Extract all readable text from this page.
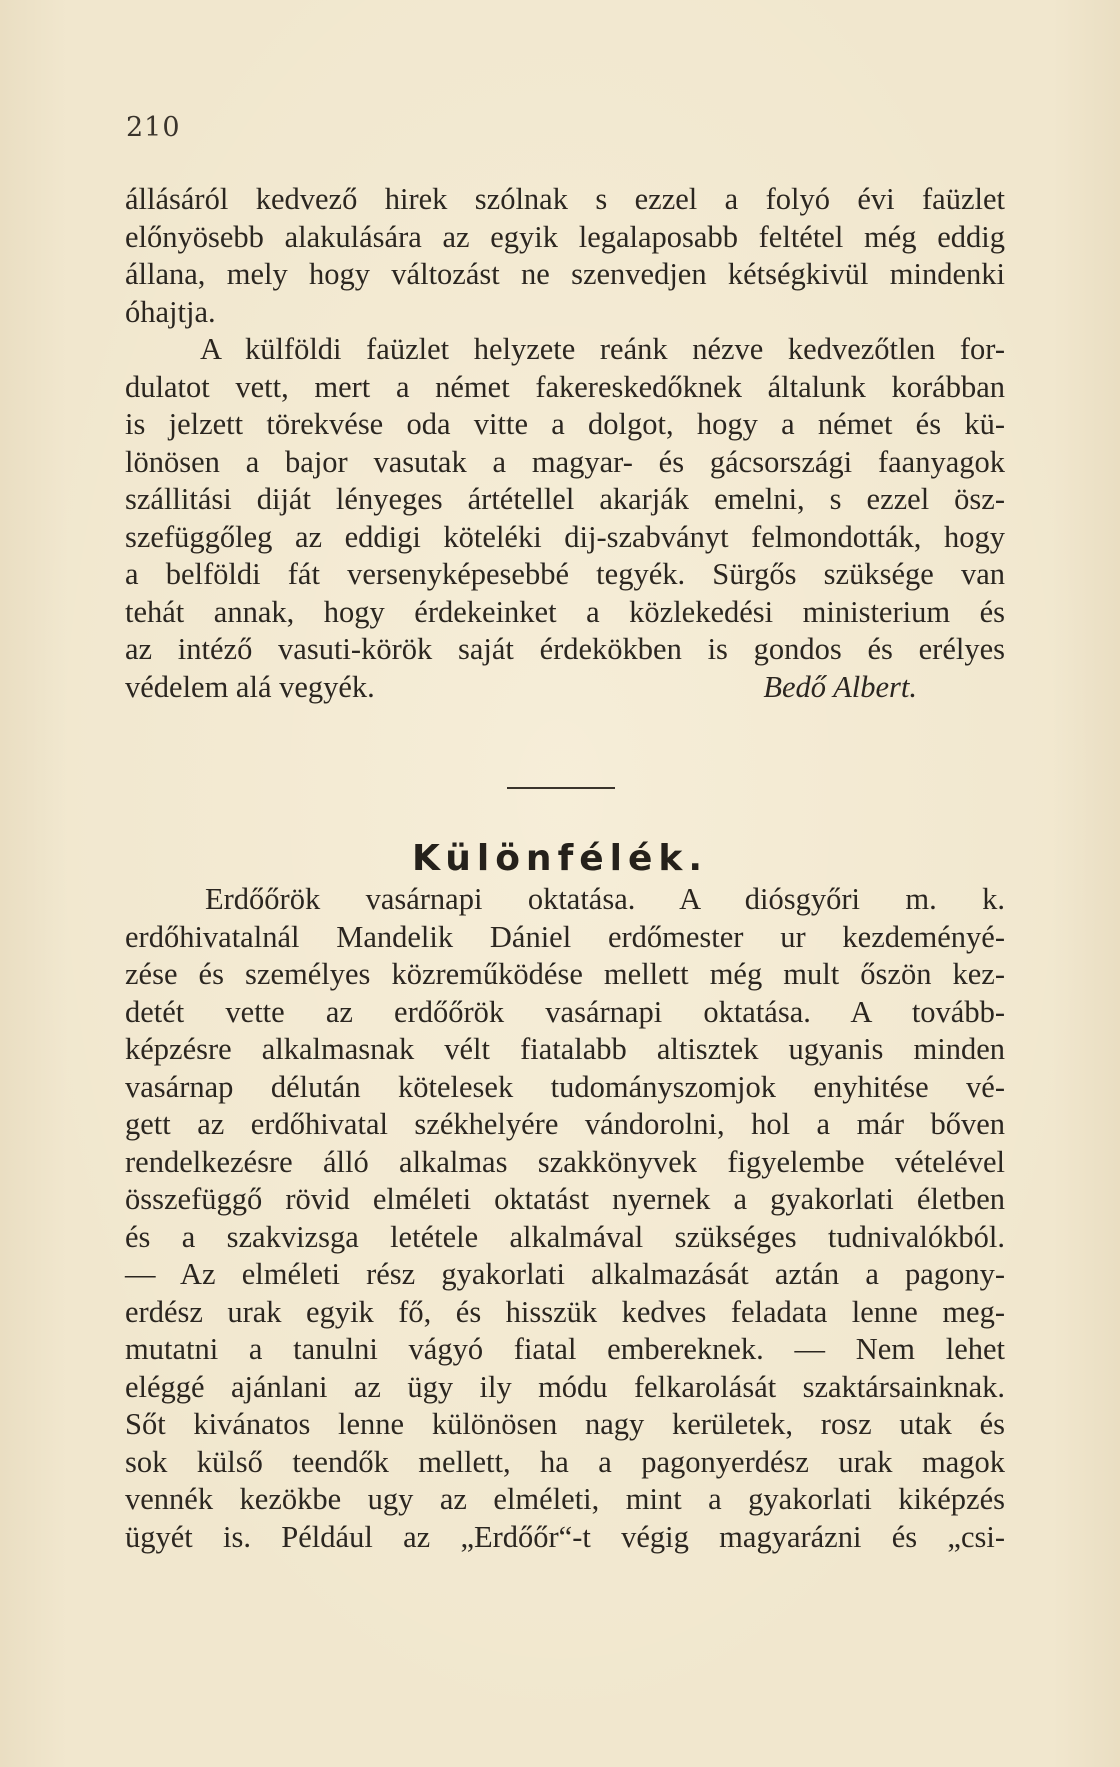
210
állásáról kedvező hirek szólnak s ezzel a folyó évi faüzlet
előnyösebb alakulására az egyik legalaposabb feltétel még eddig
állana, mely hogy változást ne szenvedjen kétségkivül mindenki
óhajtja.
A külföldi faüzlet helyzete reánk nézve kedvezőtlen for-
dulatot vett, mert a német fakereskedőknek általunk korábban
is jelzett törekvése oda vitte a dolgot, hogy a német és kü-
lönösen a bajor vasutak a magyar- és gácsországi faanyagok
szállitási diját lényeges ártétellel akarják emelni, s ezzel ösz-
szefüggőleg az eddigi köteléki dij-szabványt felmondották, hogy
a belföldi fát versenyképesebbé tegyék. Sürgős szüksége van
tehát annak, hogy érdekeinket a közlekedési ministerium és
az intéző vasuti-körök saját érdekökben is gondos és erélyes
védelem alá vegyék.	Bedő Albert.
Különfélék.
Erdőőrök vasárnapi oktatása. A diósgyőri m. k.
erdőhivatalnál Mandelik Dániel erdőmester ur kezdeményé-
zése és személyes közreműködése mellett még mult őszön kez-
detét vette az erdőőrök vasárnapi oktatása. A tovább-
képzésre alkalmasnak vélt fiatalabb altisztek ugyanis minden
vasárnap délután kötelesek tudományszomjok enyhitése vé-
gett az erdőhivatal székhelyére vándorolni, hol a már bőven
rendelkezésre álló alkalmas szakkönyvek figyelembe vételével
összefüggő rövid elméleti oktatást nyernek a gyakorlati életben
és a szakvizsga letétele alkalmával szükséges tudnivalókból.
— Az elméleti rész gyakorlati alkalmazását aztán a pagony-
erdész urak egyik fő, és hisszük kedves feladata lenne meg-
mutatni a tanulni vágyó fiatal embereknek. — Nem lehet
eléggé ajánlani az ügy ily módu felkarolását szaktársainknak.
Sőt kivánatos lenne különösen nagy kerületek, rosz utak és
sok külső teendők mellett, ha a pagonyerdész urak magok
vennék kezökbe ugy az elméleti, mint a gyakorlati kiképzés
ügyét is. Például az „Erdőőr“-t végig magyarázni és „csi-
